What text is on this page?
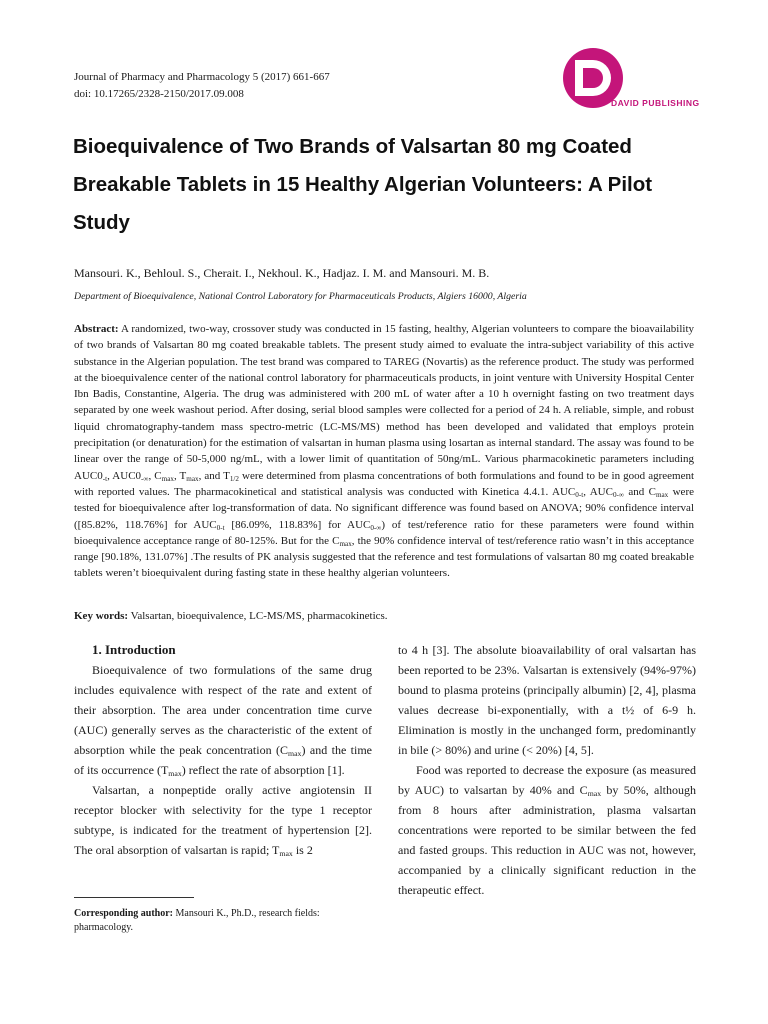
Journal of Pharmacy and Pharmacology 5 (2017) 661-667
doi: 10.17265/2328-2150/2017.09.008
DAVID PUBLISHING
Bioequivalence of Two Brands of Valsartan 80 mg Coated Breakable Tablets in 15 Healthy Algerian Volunteers: A Pilot Study
Mansouri. K., Behloul. S., Cherait. I., Nekhoul. K., Hadjaz. I. M. and Mansouri. M. B.
Department of Bioequivalence, National Control Laboratory for Pharmaceuticals Products, Algiers 16000, Algeria

Abstract: A randomized, two-way, crossover study was conducted in 15 fasting, healthy, Algerian volunteers to compare the bioavailability of two brands of Valsartan 80 mg coated breakable tablets. The present study aimed to evaluate the intra-subject variability of this active substance in the Algerian population. The test brand was compared to TAREG (Novartis) as the reference product. The study was performed at the bioequivalence center of the national control laboratory for pharmaceuticals products, in joint venture with University Hospital Center Ibn Badis, Constantine, Algeria. The drug was administered with 200 mL of water after a 10 h overnight fasting on two treatment days separated by one week washout period. After dosing, serial blood samples were collected for a period of 24 h. A reliable, simple, and robust liquid chromatography-tandem mass spectro-metric (LC-MS/MS) method has been developed and validated that employs protein precipitation (or denaturation) for the estimation of valsartan in human plasma using losartan as internal standard. The assay was found to be linear over the range of 50-5,000 ng/mL, with a lower limit of quantitation of 50ng/mL. Various pharmacokinetic parameters including $AUC0_{-t}$, $AUC0_{-\infty}$, $C_{max}$, $T_{max}$, and $T_{1/2}$ were determined from plasma concentrations of both formulations and found to be in good agreement with reported values. The pharmacokinetical and statistical analysis was conducted with Kinetica 4.4.1. $AUC_{0-t}$, $AUC_{0-\infty}$ and $C_{max}$ were tested for bioequivalence after log-transformation of data. No significant difference was found based on ANOVA; 90% confidence interval ([85.82%, 118.76%] for $AUC_{0-t}$ [86.09%, 118.83%] for $AUC_{0-\infty}$) of test/reference ratio for these parameters were found within bioequivalence acceptance range of 80-125%. But for the $C_{max}$, the 90% confidence interval of test/reference ratio wasn’t in this acceptance range [90.18%, 131.07%] .The results of PK analysis suggested that the reference and test formulations of valsartan 80 mg coated breakable tablets weren’t bioequivalent during fasting state in these healthy algerian volunteers.

Key words: Valsartan, bioequivalence, LC-MS/MS, pharmacokinetics.

1. Introduction

Bioequivalence of two formulations of the same drug includes equivalence with respect of the rate and extent of their absorption. The area under concentration time curve (AUC) generally serves as the characteristic of the extent of absorption while the peak concentration $(C_{max})$ and the time of its occurrence $(T_{max})$ reflect the rate of absorption [1].

Valsartan, a nonpeptide orally active angiotensin II receptor blocker with selectivity for the type 1 receptor subtype, is indicated for the treatment of hypertension [2]. The oral absorption of valsartan is rapid; $T_{max}$ is 2

to 4 h [3]. The absolute bioavailability of oral valsartan has been reported to be 23%. Valsartan is extensively (94%-97%) bound to plasma proteins (principally albumin) [2, 4], plasma values decrease bi-exponentially, with a t½ of 6-9 h. Elimination is mostly in the unchanged form, predominantly in bile (> 80%) and urine (< 20%) [4, 5].

Food was reported to decrease the exposure (as measured by AUC) to valsartan by 40% and $C_{max}$ by 50%, although from 8 hours after administration, plasma valsartan concentrations were reported to be similar between the fed and fasted groups. This reduction in AUC was not, however, accompanied by a clinically significant reduction in the therapeutic effect.

Corresponding author: Mansouri K., Ph.D., research fields: pharmacology.
